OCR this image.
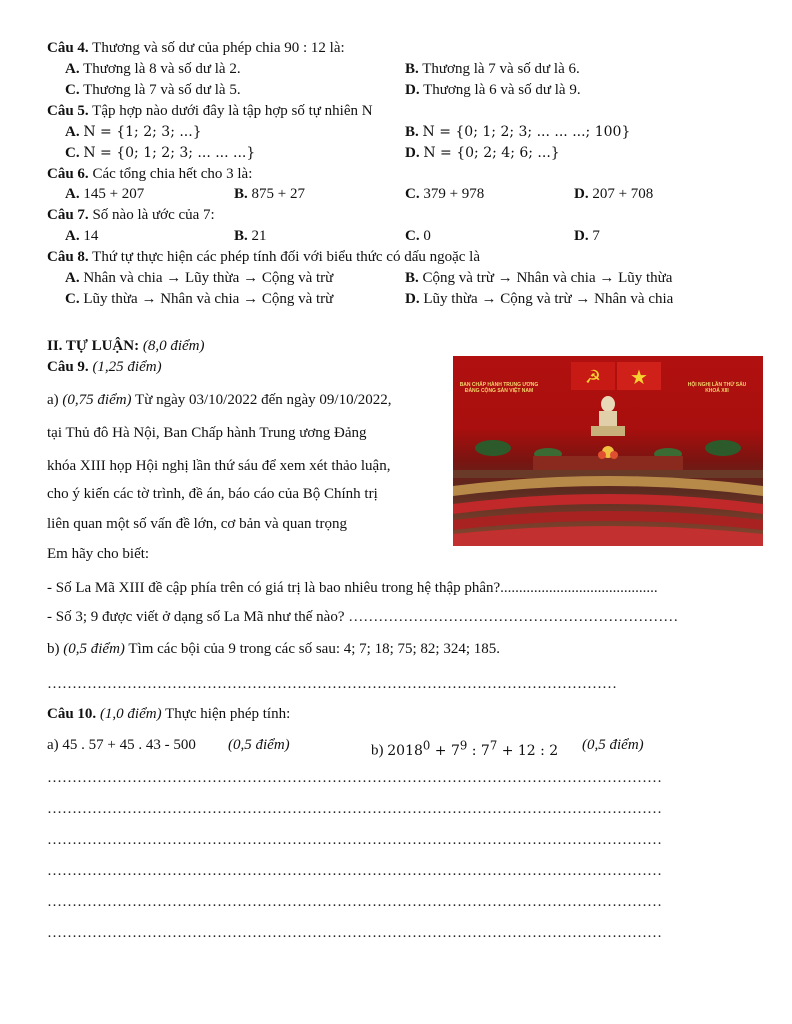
Câu 4. Thương và số dư của phép chia 90 : 12 là:
A. Thương là 8 và số dư là 2.	B. Thương là 7 và số dư là 6.
C. Thương là 7 và số dư là 5.	D. Thương là 6 và số dư là 9.
Câu 5. Tập hợp nào dưới đây là tập hợp số tự nhiên N
A. N = {1; 2; 3; ...}	B. N = {0; 1; 2; 3; ... ... ...; 100}
C. N = {0; 1; 2; 3; ... ... ...}	D. N = {0; 2; 4; 6; ...}
Câu 6. Các tổng chia hết cho 3 là:
A. 145 + 207	B. 875 + 27	C. 379 + 978	D. 207 + 708
Câu 7. Số nào là ước của 7:
A. 14	B. 21	C. 0	D. 7
Câu 8. Thứ tự thực hiện các phép tính đối với biểu thức có dấu ngoặc là
A. Nhân và chia → Lũy thừa → Cộng và trừ	B. Cộng và trừ → Nhân và chia → Lũy thừa
C. Lũy thừa → Nhân và chia → Cộng và trừ	D. Lũy thừa → Cộng và trừ → Nhân và chia
II. TỰ LUẬN: (8,0 điểm)
Câu 9. (1,25 điểm)
a) (0,75 điểm) Từ ngày 03/10/2022 đến ngày 09/10/2022,
tại Thủ đô Hà Nội, Ban Chấp hành Trung ương Đảng
khóa XIII họp Hội nghị lần thứ sáu để xem xét thảo luận,
cho ý kiến các tờ trình, đề án, báo cáo của Bộ Chính trị
liên quan một số vấn đề lớn, cơ bản và quan trọng
Em hãy cho biết:
☭ ★
BAN CHẤP HÀNH TRUNG ƯƠNG
ĐẢNG CỘNG SẢN VIỆT NAM
HỘI NGHỊ LẦN THỨ SÁU
KHOÁ XIII
- Số La Mã XIII đề cập phía trên có giá trị là bao nhiêu trong hệ thập phân?..........................................
- Số 3; 9 được viết ở dạng số La Mã như thế nào? …………………………………………………………
b) (0,5 điểm) Tìm các bội của 9 trong các số sau: 4; 7; 18; 75; 82; 324; 185.
……………………………………………………………………………………………………
Câu 10. (1,0 điểm) Thực hiện phép tính:
a) 45 . 57 + 45 . 43 - 500 (0,5 điểm)	b) $2018^0 + 7^9$ : $7^7 + 12$ : 2 (0,5 điểm)
……………………………………………………………………………………………………………
……………………………………………………………………………………………………………
……………………………………………………………………………………………………………
……………………………………………………………………………………………………………
……………………………………………………………………………………………………………
……………………………………………………………………………………………………………
